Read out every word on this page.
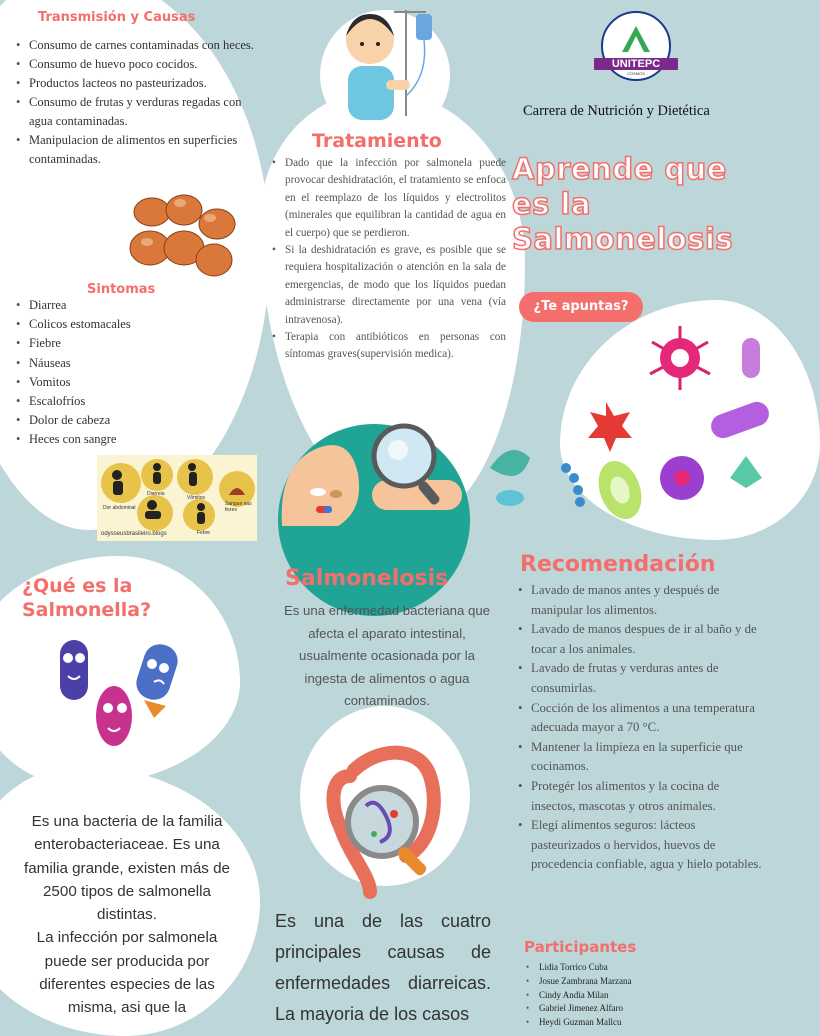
Transmisión y Causas
• Consumo de carnes contaminadas con heces.
• Consumo de huevo poco cocidos.
• Productos lacteos no pasteurizados.
• Consumo de frutas y verduras regadas con agua contaminadas.
• Manipulacion de alimentos en superficies contaminadas.
Sintomas
• Diarrea
• Colicos estomacales
• Fiebre
• Náuseas
• Vomitos
• Escalofríos
• Dolor de cabeza
• Heces con sangre
Dor abdominal
Diarreia
Vômitos
Sangue nas fezes
Febre
odysseusbrasileiro.blogs
Tratamiento
• Dado que la infección por salmonela puede provocar deshidratación, el tratamiento se enfoca en el reemplazo de los líquidos y electrolitos (minerales que equilibran la cantidad de agua en el cuerpo) que se perdieron.
• Si la deshidratación es grave, es posible que se requiera hospitalización o atención en la sala de emergencias, de modo que los líquidos puedan administrarse directamente por una vena (vía intravenosa).
• Terapia con antibióticos en personas con síntomas graves(supervisión medica).
UNITEPC
COSMOS
Carrera de Nutrición y Dietética
Aprende que
es la
Salmonelosis
¿Te apuntas?
¿Qué es la
Salmonella?
Es una bacteria de la familia enterobacteriaceae. Es una familia grande, existen más de 2500 tipos de salmonella distintas.
La infección por salmonela puede ser producida por diferentes especies de las misma, asi que la
Salmonelosis
Es una enfermedad bacteriana que afecta el aparato intestinal, usualmente ocasionada por la ingesta de alimentos o agua contaminados.
Es una de las cuatro principales causas de enfermedades diarreicas. La mayoria de los casos
Recomendación
• Lavado de manos antes y después de manipular los alimentos.
• Lavado de manos despues de ir al baño y de tocar a los animales.
• Lavado de frutas y verduras antes de consumirlas.
• Cocción de los alimentos a una temperatura adecuada mayor a 70 °C.
• Mantener la limpieza en la superficie que cocinamos.
• Protegér los alimentos y la cocina de insectos, mascotas y otros animales.
• Elegí alimentos seguros: lácteos pasteurizados o hervidos, huevos de procedencia confiable, agua y hielo potables.
Participantes
• Lidia Torrico Cuba
• Josue Zambrana Marzana
• Cindy Andia Milan
• Gabriel Jimenez Alfaro
• Heydi Guzman Mallcu
